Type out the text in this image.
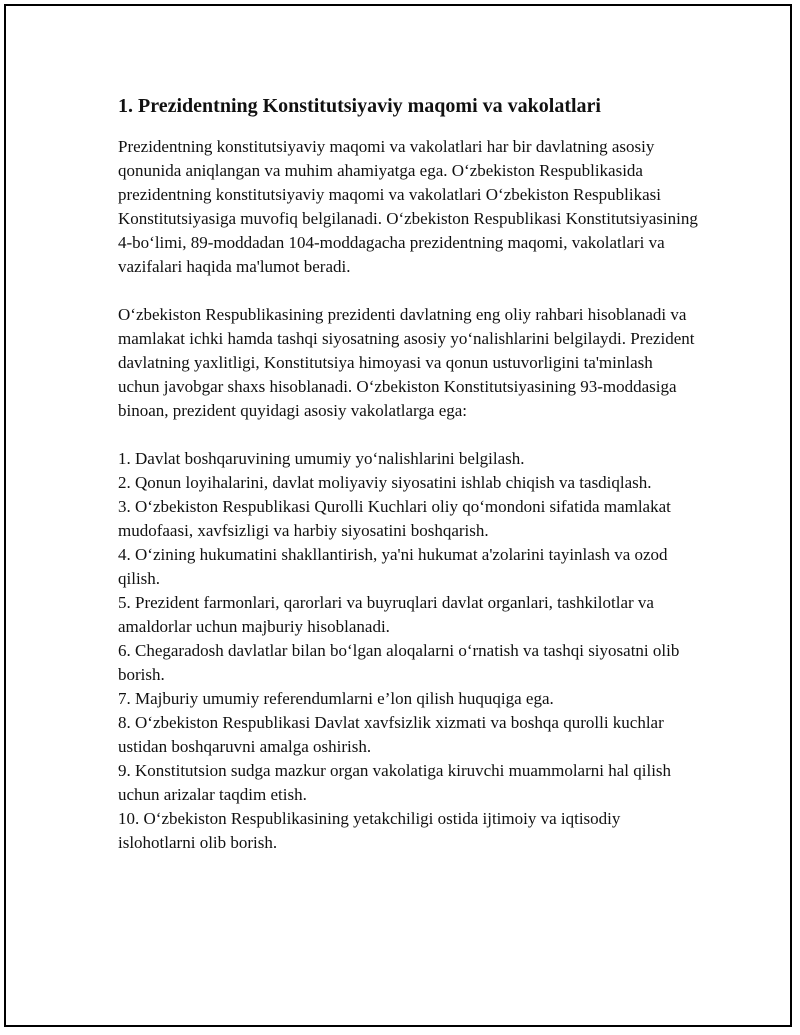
1. Prezidentning Konstitutsiyaviy maqomi va vakolatlari

Prezidentning konstitutsiyaviy maqomi va vakolatlari har bir davlatning asosiy qonunida aniqlangan va muhim ahamiyatga ega. O‘zbekiston Respublikasida prezidentning konstitutsiyaviy maqomi va vakolatlari O‘zbekiston Respublikasi Konstitutsiyasiga muvofiq belgilanadi. O‘zbekiston Respublikasi Konstitutsiyasining 4-bo‘limi, 89-moddadan 104-moddagacha prezidentning maqomi, vakolatlari va vazifalari haqida ma'lumot beradi.

O‘zbekiston Respublikasining prezidenti davlatning eng oliy rahbari hisoblanadi va mamlakat ichki hamda tashqi siyosatning asosiy yo‘nalishlarini belgilaydi. Prezident davlatning yaxlitligi, Konstitutsiya himoyasi va qonun ustuvorligini ta'minlash uchun javobgar shaxs hisoblanadi. O‘zbekiston Konstitutsiyasining 93-moddasiga binoan, prezident quyidagi asosiy vakolatlarga ega:

1. Davlat boshqaruvining umumiy yo‘nalishlarini belgilash.
2. Qonun loyihalarini, davlat moliyaviy siyosatini ishlab chiqish va tasdiqlash.
3. O‘zbekiston Respublikasi Qurolli Kuchlari oliy qo‘mondoni sifatida mamlakat mudofaasi, xavfsizligi va harbiy siyosatini boshqarish.
4. O‘zining hukumatini shakllantirish, ya'ni hukumat a'zolarini tayinlash va ozod qilish.
5. Prezident farmonlari, qarorlari va buyruqlari davlat organlari, tashkilotlar va amaldorlar uchun majburiy hisoblanadi.
6. Chegaradosh davlatlar bilan bo‘lgan aloqalarni o‘rnatish va tashqi siyosatni olib borish.
7. Majburiy umumiy referendumlarni e’lon qilish huquqiga ega.
8. O‘zbekiston Respublikasi Davlat xavfsizlik xizmati va boshqa qurolli kuchlar ustidan boshqaruvni amalga oshirish.
9. Konstitutsion sudga mazkur organ vakolatiga kiruvchi muammolarni hal qilish uchun arizalar taqdim etish.
10. O‘zbekiston Respublikasining yetakchiligi ostida ijtimoiy va iqtisodiy islohotlarni olib borish.
